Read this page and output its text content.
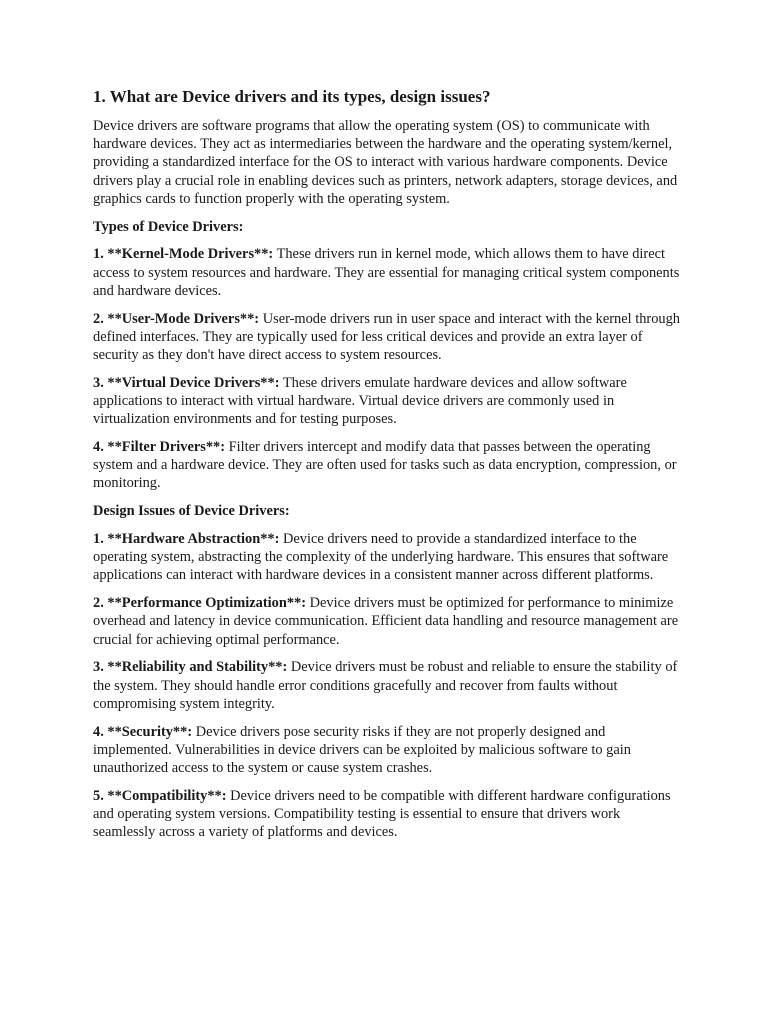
1. What are Device drivers and its types, design issues?

Device drivers are software programs that allow the operating system (OS) to communicate with hardware devices. They act as intermediaries between the hardware and the operating system/kernel, providing a standardized interface for the OS to interact with various hardware components. Device drivers play a crucial role in enabling devices such as printers, network adapters, storage devices, and graphics cards to function properly with the operating system.

Types of Device Drivers:

1. **Kernel-Mode Drivers**: These drivers run in kernel mode, which allows them to have direct access to system resources and hardware. They are essential for managing critical system components and hardware devices.

2. **User-Mode Drivers**: User-mode drivers run in user space and interact with the kernel through defined interfaces. They are typically used for less critical devices and provide an extra layer of security as they don't have direct access to system resources.

3. **Virtual Device Drivers**: These drivers emulate hardware devices and allow software applications to interact with virtual hardware. Virtual device drivers are commonly used in virtualization environments and for testing purposes.

4. **Filter Drivers**: Filter drivers intercept and modify data that passes between the operating system and a hardware device. They are often used for tasks such as data encryption, compression, or monitoring.

Design Issues of Device Drivers:

1. **Hardware Abstraction**: Device drivers need to provide a standardized interface to the operating system, abstracting the complexity of the underlying hardware. This ensures that software applications can interact with hardware devices in a consistent manner across different platforms.

2. **Performance Optimization**: Device drivers must be optimized for performance to minimize overhead and latency in device communication. Efficient data handling and resource management are crucial for achieving optimal performance.

3. **Reliability and Stability**: Device drivers must be robust and reliable to ensure the stability of the system. They should handle error conditions gracefully and recover from faults without compromising system integrity.

4. **Security**: Device drivers pose security risks if they are not properly designed and implemented. Vulnerabilities in device drivers can be exploited by malicious software to gain unauthorized access to the system or cause system crashes.

5. **Compatibility**: Device drivers need to be compatible with different hardware configurations and operating system versions. Compatibility testing is essential to ensure that drivers work seamlessly across a variety of platforms and devices.
